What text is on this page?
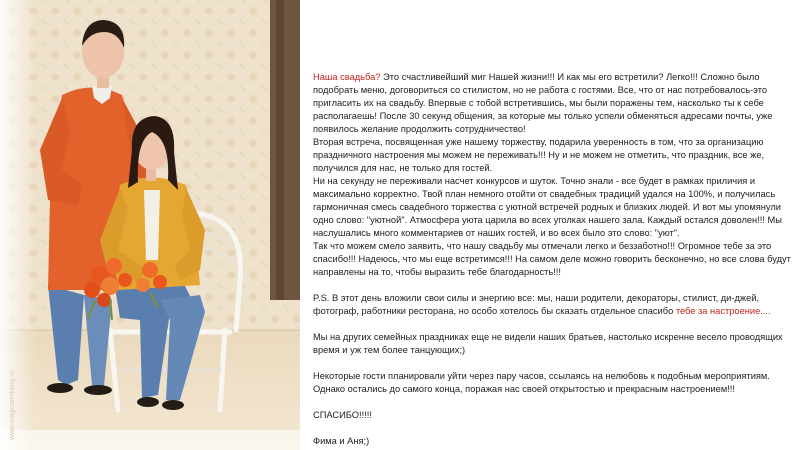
www.magicwedding.ru

Наша свадьба? Это счастливейший миг Нашей жизни!!! И как мы его встретили? Легко!!! Сложно было подобрать меню, договориться со стилистом, но не работа с гостями. Все, что от нас потребовалось-это пригласить их на свадьбу. Впервые с тобой встретившись, мы были поражены тем, насколько ты к себе располагаешь! После 30 секунд общения, за которые мы только успели обменяться адресами почты, уже появилось желание продолжить сотрудничество!

Вторая встреча, посвященная уже нашему торжеству, подарила уверенность в том, что за организацию праздничного настроения мы можем не переживать!!! Ну и не можем не отметить, что праздник, все же, получился для нас, не только для гостей.

Ни на секунду не переживали насчет конкурсов и шуток. Точно знали - все будет в рамках приличия и максимально корректно. Твой план немного отойти от свадебных традиций удался на 100%, и получилась гармоничная смесь свадебного торжества с уютной встречей родных и близких людей. И вот мы упомянули одно слово: "уютной". Атмосфера уюта царила во всех уголках нашего зала. Каждый остался доволен!!! Мы наслушались много комментариев от наших гостей, и во всех было это слово: "уют".

Так что можем смело заявить, что нашу свадьбу мы отмечали легко и беззаботно!!! Огромное тебе за это спасибо!!! Надеюсь, что мы еще встретимся!!! На самом деле можно говорить бесконечно, но все слова будут направлены на то, чтобы выразить тебе благодарность!!!

P.S. В этот день вложили свои силы и энергию все: мы, наши родители, декораторы, стилист, ди-джей, фотограф, работники ресторана, но особо хотелось бы сказать отдельное спасибо тебе за настроение....

Мы на других семейных праздниках еще не видели наших братьев, настолько искренне весело проводящих время и уж тем более танцующих;)

Некоторые гости планировали уйти через пару часов, ссылаясь на нелюбовь к подобным мероприятиям. Однако остались до самого конца, поражая нас своей открытостью и прекрасным настроением!!!

СПАСИБО!!!!!

Фима и Аня;)
